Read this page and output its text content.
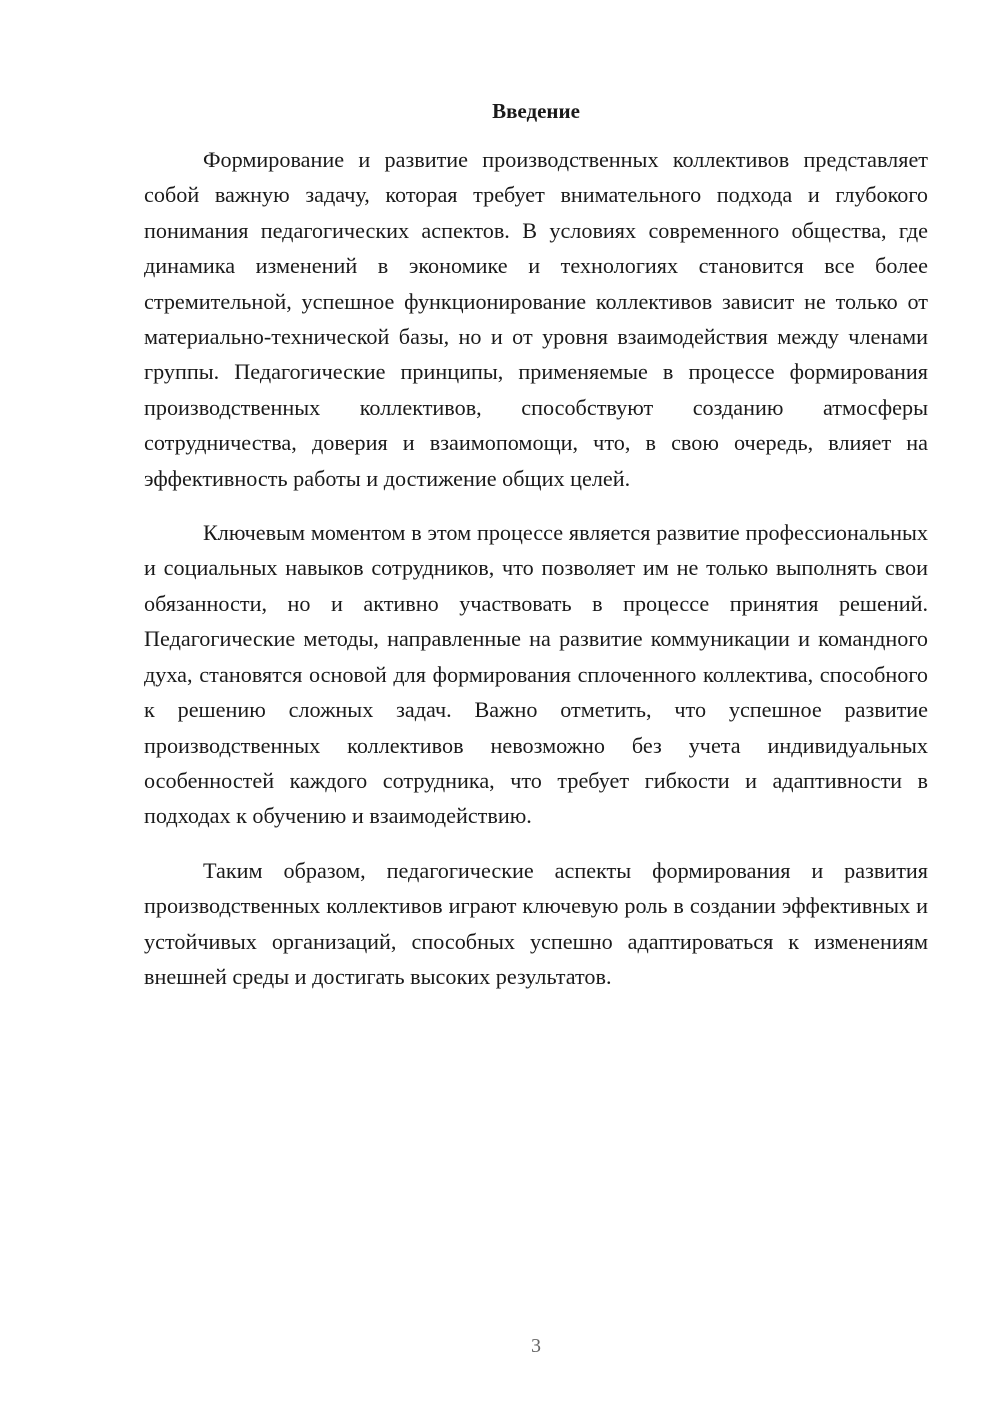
Введение

Формирование и развитие производственных коллективов представляет собой важную задачу, которая требует внимательного подхода и глубокого понимания педагогических аспектов. В условиях современного общества, где динамика изменений в экономике и технологиях становится все более стремительной, успешное функционирование коллективов зависит не только от материально-технической базы, но и от уровня взаимодействия между членами группы. Педагогические принципы, применяемые в процессе формирования производственных коллективов, способствуют созданию атмосферы сотрудничества, доверия и взаимопомощи, что, в свою очередь, влияет на эффективность работы и достижение общих целей.

Ключевым моментом в этом процессе является развитие профессиональных и социальных навыков сотрудников, что позволяет им не только выполнять свои обязанности, но и активно участвовать в процессе принятия решений. Педагогические методы, направленные на развитие коммуникации и командного духа, становятся основой для формирования сплоченного коллектива, способного к решению сложных задач. Важно отметить, что успешное развитие производственных коллективов невозможно без учета индивидуальных особенностей каждого сотрудника, что требует гибкости и адаптивности в подходах к обучению и взаимодействию.

Таким образом, педагогические аспекты формирования и развития производственных коллективов играют ключевую роль в создании эффективных и устойчивых организаций, способных успешно адаптироваться к изменениям внешней среды и достигать высоких результатов.

3
